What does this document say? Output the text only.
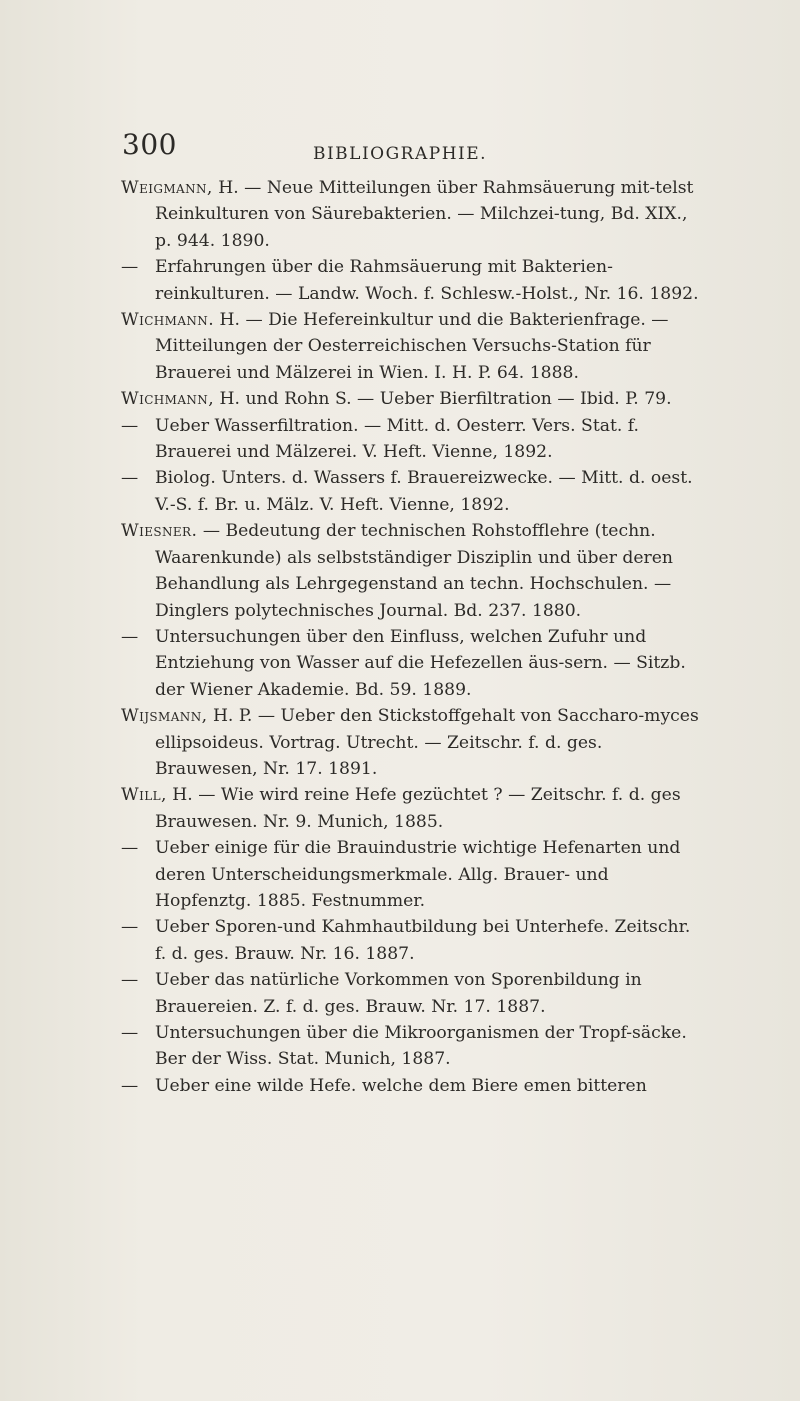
300	BIBLIOGRAPHIE.

Weigmann, H. — Neue Mitteilungen über Rahmsäuerung mit-telst Reinkulturen von Säurebakterien. — Milchzei-tung, Bd. XIX., p. 944. 1890.

— Erfahrungen über die Rahmsäuerung mit Bakterien-reinkulturen. — Landw. Woch. f. Schlesw.-Holst., Nr. 16. 1892.

Wichmann. H. — Die Hefereinkultur und die Bakterienfrage. — Mitteilungen der Oesterreichischen Versuchs-Station für Brauerei und Mälzerei in Wien. I. H. P. 64. 1888.

Wichmann, H. und Rohn S. — Ueber Bierfiltration — Ibid. P. 79.

— Ueber Wasserfiltration. — Mitt. d. Oesterr. Vers. Stat. f. Brauerei und Mälzerei. V. Heft. Vienne, 1892.

— Biolog. Unters. d. Wassers f. Brauereizwecke. — Mitt. d. oest. V.-S. f. Br. u. Mälz. V. Heft. Vienne, 1892.

Wiesner. — Bedeutung der technischen Rohstofflehre (techn. Waarenkunde) als selbstständiger Disziplin und über deren Behandlung als Lehrgegenstand an techn. Hochschulen. — Dinglers polytechnisches Journal. Bd. 237. 1880.

— Untersuchungen über den Einfluss, welchen Zufuhr und Entziehung von Wasser auf die Hefezellen äus-sern. — Sitzb. der Wiener Akademie. Bd. 59. 1889.

Wijsmann, H. P. — Ueber den Stickstoffgehalt von Saccharo-myces ellipsoideus. Vortrag. Utrecht. — Zeitschr. f. d. ges. Brauwesen, Nr. 17. 1891.

Will, H. — Wie wird reine Hefe gezüchtet ? — Zeitschr. f. d. ges Brauwesen. Nr. 9. Munich, 1885.

— Ueber einige für die Brauindustrie wichtige Hefenarten und deren Unterscheidungsmerkmale. Allg. Brauer- und Hopfenztg. 1885. Festnummer.

— Ueber Sporen-und Kahmhautbildung bei Unterhefe. Zeitschr. f. d. ges. Brauw. Nr. 16. 1887.

— Ueber das natürliche Vorkommen von Sporenbildung in Brauereien. Z. f. d. ges. Brauw. Nr. 17. 1887.

— Untersuchungen über die Mikroorganismen der Tropf-säcke. Ber der Wiss. Stat. Munich, 1887.

— Ueber eine wilde Hefe. welche dem Biere emen bitteren
